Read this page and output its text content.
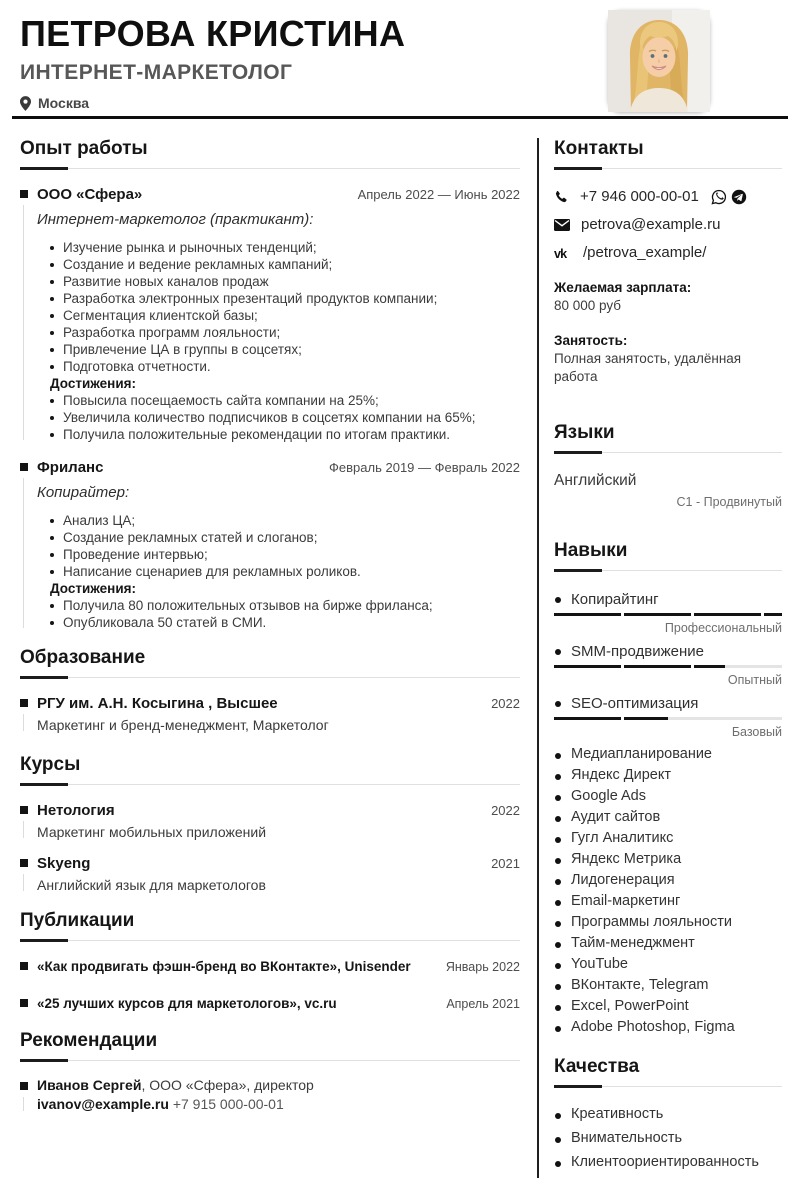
ПЕТРОВА КРИСТИНА
ИНТЕРНЕТ-МАРКЕТОЛОГ
Москва
Опыт работы
ООО «Сфера»	Апрель 2022 — Июнь 2022
Интернет-маркетолог (практикант):
Изучение рынка и рыночных тенденций;
Создание и ведение рекламных кампаний;
Развитие новых каналов продаж
Разработка электронных презентаций продуктов компании;
Сегментация клиентской базы;
Разработка программ лояльности;
Привлечение ЦА в группы в соцсетях;
Подготовка отчетности.
Достижения:
Повысила посещаемость сайта компании на 25%;
Увеличила количество подписчиков в соцсетях компании на 65%;
Получила положительные рекомендации по итогам практики.
Фриланс	Февраль 2019 — Февраль 2022
Копирайтер:
Анализ ЦА;
Создание рекламных статей и слоганов;
Проведение интервью;
Написание сценариев для рекламных роликов.
Достижения:
Получила 80 положительных отзывов на бирже фриланса;
Опубликовала 50 статей в СМИ.
Образование
РГУ им. А.Н. Косыгина , Высшее	2022
Маркетинг и бренд-менеджмент, Маркетолог
Курсы
Нетология	2022
Маркетинг мобильных приложений
Skyeng	2021
Английский язык для маркетологов
Публикации
«Как продвигать фэшн-бренд во ВКонтакте», Unisender	Январь 2022
«25 лучших курсов для маркетологов», vc.ru	Апрель 2021
Рекомендации
Иванов Сергей, ООО «Сфера», директор
ivanov@example.ru +7 915 000-00-01
Контакты
+7 946 000-00-01
petrova@example.ru
vk /petrova_example/
Желаемая зарплата:
80 000 руб
Занятость:
Полная занятость, удалённая работа
Языки
Английский
C1 - Продвинутый
Навыки
Копирайтинг
Профессиональный
SMM-продвижение
Опытный
SEO-оптимизация
Базовый
Медиапланирование
Яндекс Директ
Google Ads
Аудит сайтов
Гугл Аналитикс
Яндекс Метрика
Лидогенерация
Email-маркетинг
Программы лояльности
Тайм-менеджмент
YouTube
ВКонтакте, Telegram
Excel, PowerPoint
Adobe Photoshop, Figma
Качества
Креативность
Внимательность
Клиентоориентированность
